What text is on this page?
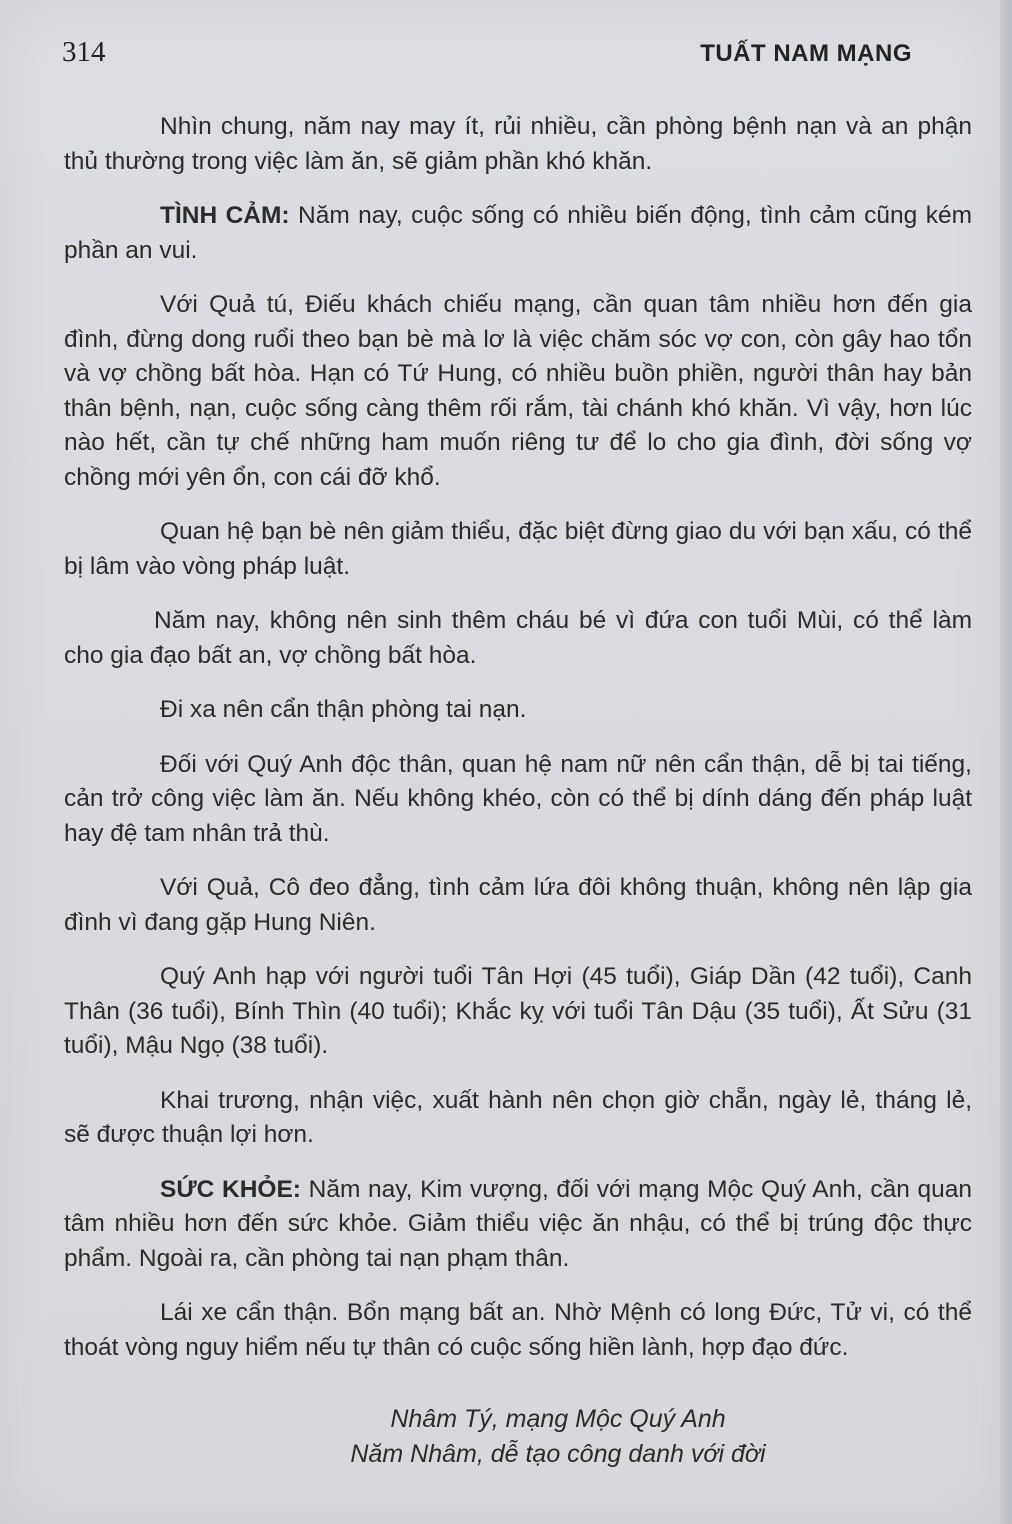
314	TUẤT NAM MẠNG

Nhìn chung, năm nay may ít, rủi nhiều, cần phòng bệnh nạn và an phận thủ thường trong việc làm ăn, sẽ giảm phần khó khăn.

TÌNH CẢM: Năm nay, cuộc sống có nhiều biến động, tình cảm cũng kém phần an vui.

Với Quả tú, Điếu khách chiếu mạng, cần quan tâm nhiều hơn đến gia đình, đừng dong ruổi theo bạn bè mà lơ là việc chăm sóc vợ con, còn gây hao tổn và vợ chồng bất hòa. Hạn có Tứ Hung, có nhiều buồn phiền, người thân hay bản thân bệnh, nạn, cuộc sống càng thêm rối rắm, tài chánh khó khăn. Vì vậy, hơn lúc nào hết, cần tự chế những ham muốn riêng tư để lo cho gia đình, đời sống vợ chồng mới yên ổn, con cái đỡ khổ.

Quan hệ bạn bè nên giảm thiểu, đặc biệt đừng giao du với bạn xấu, có thể bị lâm vào vòng pháp luật.

Năm nay, không nên sinh thêm cháu bé vì đứa con tuổi Mùi, có thể làm cho gia đạo bất an, vợ chồng bất hòa.

Đi xa nên cẩn thận phòng tai nạn.

Đối với Quý Anh độc thân, quan hệ nam nữ nên cẩn thận, dễ bị tai tiếng, cản trở công việc làm ăn. Nếu không khéo, còn có thể bị dính dáng đến pháp luật hay đệ tam nhân trả thù.

Với Quả, Cô đeo đẳng, tình cảm lứa đôi không thuận, không nên lập gia đình vì đang gặp Hung Niên.

Quý Anh hạp với người tuổi Tân Hợi (45 tuổi), Giáp Dần (42 tuổi), Canh Thân (36 tuổi), Bính Thìn (40 tuổi); Khắc kỵ với tuổi Tân Dậu (35 tuổi), Ất Sửu (31 tuổi), Mậu Ngọ (38 tuổi).

Khai trương, nhận việc, xuất hành nên chọn giờ chẵn, ngày lẻ, tháng lẻ, sẽ được thuận lợi hơn.

SỨC KHỎE: Năm nay, Kim vượng, đối với mạng Mộc Quý Anh, cần quan tâm nhiều hơn đến sức khỏe. Giảm thiểu việc ăn nhậu, có thể bị trúng độc thực phẩm. Ngoài ra, cần phòng tai nạn phạm thân.

Lái xe cẩn thận. Bổn mạng bất an. Nhờ Mệnh có long Đức, Tử vi, có thể thoát vòng nguy hiểm nếu tự thân có cuộc sống hiền lành, hợp đạo đức.

Nhâm Tý, mạng Mộc Quý Anh
Năm Nhâm, dễ tạo công danh với đời
